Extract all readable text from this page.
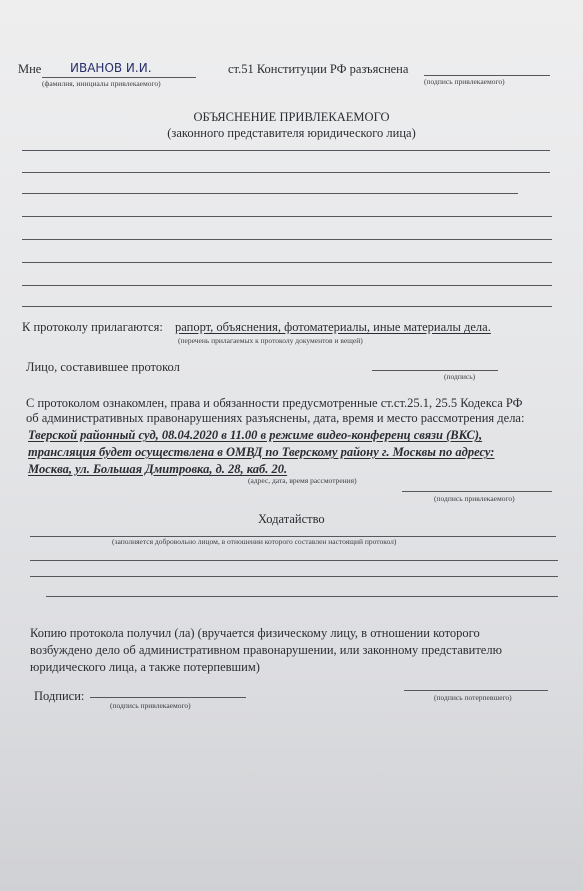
Мне ИВАНОВ И.И.
(фамилия, инициалы привлекаемого)
ст.51 Конституции РФ разъяснена
(подпись привлекаемого)
ОБЪЯСНЕНИЕ ПРИВЛЕКАЕМОГО
(законного представителя юридического лица)
К протоколу прилагаются: рапорт, объяснения, фотоматериалы, иные материалы дела.
(перечень прилагаемых к протоколу документов и вещей)
Лицо, составившее протокол
(подпись)
С протоколом ознакомлен, права и обязанности предусмотренные ст.ст.25.1, 25.5 Кодекса РФ
об административных правонарушениях разъяснены, дата, время и место рассмотрения дела:
Тверской районный суд, 08.04.2020 в 11.00 в режиме видео-конференц связи (ВКС),
трансляция будет осуществлена в ОМВД по Тверскому району г. Москвы по адресу:
Москва, ул. Большая Дмитровка, д. 28, каб. 20.
(адрес, дата, время рассмотрения)
(подпись привлекаемого)
Ходатайство
(заполняется добровольно лицом, в отношении которого составлен настоящий протокол)
Копию протокола получил (ла) (вручается физическому лицу, в отношении которого
возбуждено дело об административном правонарушении, или законному представителю
юридического лица, а также потерпевшим)
Подписи:
(подпись привлекаемого)
(подпись потерпевшего)
